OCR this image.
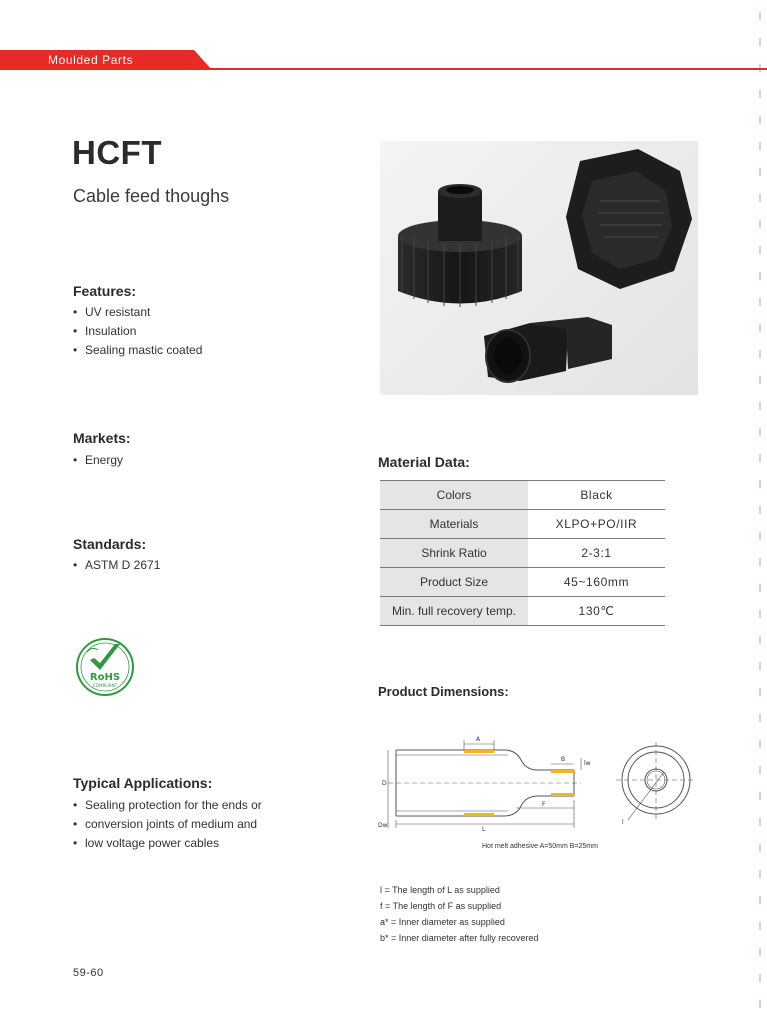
Moulded Parts
HCFT
Cable feed thoughs
Features:
• UV resistant
• Insulation
• Sealing mastic coated
Markets:
• Energy
Standards:
• ASTM D 2671
RoHS
COMPLIANT
Typical Applications:
• Sealing protection for the ends or
• conversion joints of medium and
• low voltage power cables
Material Data:
Colors	Black
Materials	XLPO+PO/IIR
Shrink Ratio	2-3:1
Product Size	45~160mm
Min. full recovery temp.	130℃
Product Dimensions:
A
B
D
Dw
L
F
lw
l
Hot melt adhesive A=50mm B=25mm
l = The length of L as supplied
f = The length of F as supplied
a* = Inner diameter as supplied
b* = Inner diameter after fully recovered
59-60
